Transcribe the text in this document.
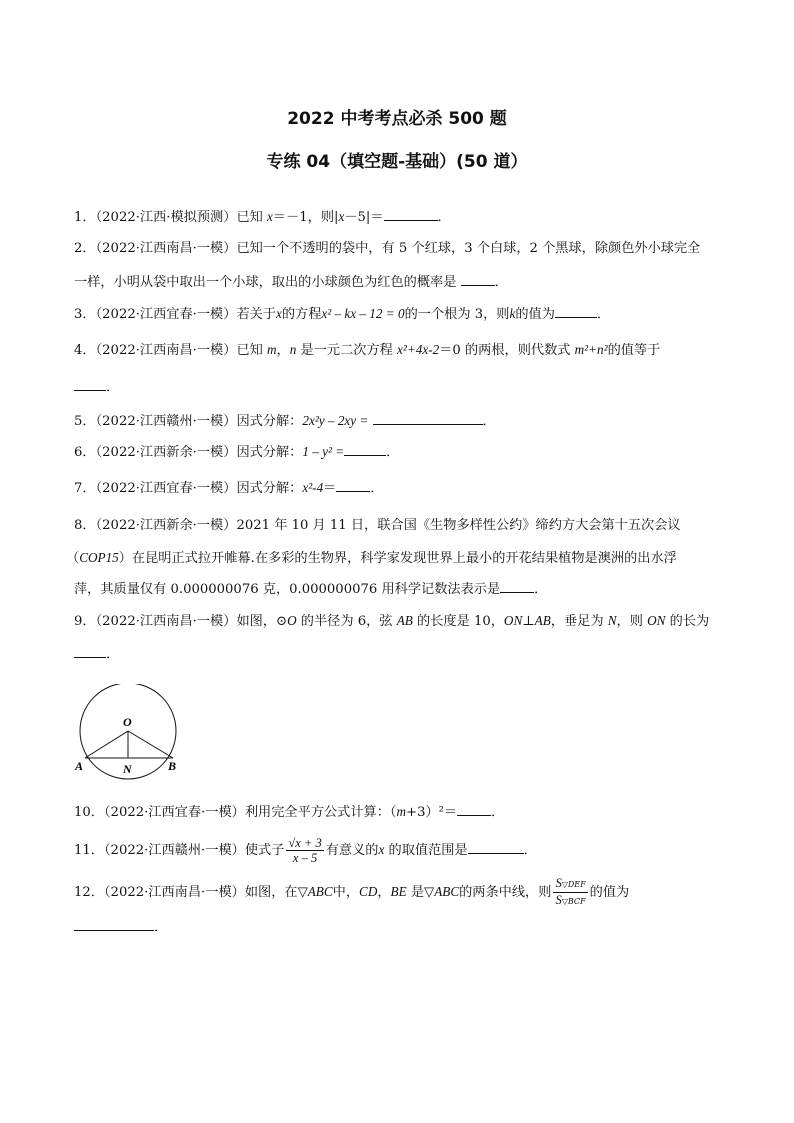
2022 中考考点必杀 500 题
专练 04（填空题-基础）(50 道）
1．（2022·江西·模拟预测）已知 x＝－1，则|x－5|＝	．
2．（2022·江西南昌·一模）已知一个不透明的袋中，有 5 个红球，3 个白球，2 个黑球，除颜色外小球完全
一样，小明从袋中取出一个小球，取出的小球颜色为红色的概率是	．
3．（2022·江西宜春·一模）若关于x的方程x² – kx – 12 = 0的一个根为 3，则k的值为	．
4．（2022·江西南昌·一模）已知 m，n 是一元二次方程 x²+4x-2＝0 的两根，则代数式 m²+n²的值等于
．
5．（2022·江西赣州·一模）因式分解：2x²y – 2xy =	．
6．（2022·江西新余·一模）因式分解：1 – y² =	．
7．（2022·江西宜春·一模）因式分解：x²-4＝	．
8．（2022·江西新余·一模）2021 年 10 月 11 日，联合国《生物多样性公约》缔约方大会第十五次会议
（COP15）在昆明正式拉开帷幕.在多彩的生物界，科学家发现世界上最小的开花结果植物是澳洲的出水浮
萍，其质量仅有 0.000000076 克，0.000000076 用科学记数法表示是	．
9．（2022·江西南昌·一模）如图，⊙O 的半径为 6，弦 AB 的长度是 10，ON⊥AB，垂足为 N，则 ON 的长为
．
O
A	N	B
10．（2022·江西宜春·一模）利用完全平方公式计算：（m+3）²＝	．
11．（2022·江西赣州·一模）使式子 $\frac{√x + 3}{x - 5}$ 有意义的x 的取值范围是	．
12．（2022·江西南昌·一模）如图，在▽ABC中，CD，BE 是▽ABC的两条中线，则 $\frac{\text{S▽DEF}}{\text{S▽BCF}}$ 的值为
．
